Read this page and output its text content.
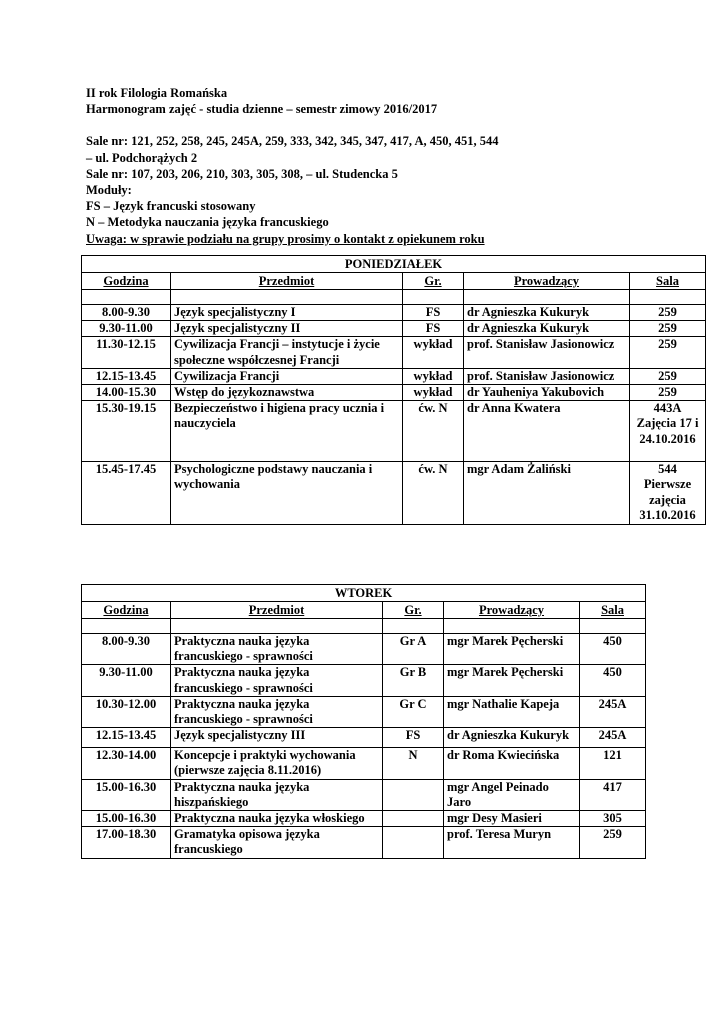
II rok Filologia Romańska
Harmonogram zajęć - studia dzienne – semestr zimowy 2016/2017
Sale nr: 121, 252, 258, 245, 245A, 259, 333, 342, 345, 347, 417, A, 450, 451, 544
– ul. Podchorążych 2
Sale nr: 107, 203, 206, 210, 303, 305, 308, – ul. Studencka 5
Moduły:
FS – Język francuski stosowany
N – Metodyka nauczania języka francuskiego
Uwaga: w sprawie podziału na grupy prosimy o kontakt z opiekunem roku
PONIEDZIAŁEK				
Godzina	Przedmiot	Gr.	Prowadzący	Sala

8.00-9.30	Język specjalistyczny I	FS	dr Agnieszka Kukuryk	259
9.30-11.00	Język specjalistyczny II	FS	dr Agnieszka Kukuryk	259
11.30-12.15	Cywilizacja Francji – instytucje i życie społeczne współczesnej Francji	wykład	prof. Stanisław Jasionowicz	259
12.15-13.45	Cywilizacja Francji	wykład	prof. Stanisław Jasionowicz	259
14.00-15.30	Wstęp do językoznawstwa	wykład	dr Yauheniya Yakubovich	259
15.30-19.15	Bezpieczeństwo i higiena pracy ucznia i nauczyciela	ćw. N	dr Anna Kwatera	443A Zajęcia 17 i 24.10.2016
15.45-17.45	Psychologiczne podstawy nauczania i wychowania	ćw. N	mgr Adam Żaliński	544 Pierwsze zajęcia 31.10.2016
WTOREK				
Godzina	Przedmiot	Gr.	Prowadzący	Sala

8.00-9.30	Praktyczna nauka języka francuskiego - sprawności	Gr A	mgr Marek Pęcherski	450
9.30-11.00	Praktyczna nauka języka francuskiego - sprawności	Gr B	mgr Marek Pęcherski	450
10.30-12.00	Praktyczna nauka języka francuskiego - sprawności	Gr C	mgr Nathalie Kapeja	245A
12.15-13.45	Język specjalistyczny III	FS	dr Agnieszka Kukuryk	245A
12.30-14.00	Koncepcje i praktyki wychowania (pierwsze zajęcia 8.11.2016)	N	dr Roma Kwiecińska	121
15.00-16.30	Praktyczna nauka języka hiszpańskiego		mgr Angel Peinado Jaro	417
15.00-16.30	Praktyczna nauka języka włoskiego		mgr Desy Masieri	305
17.00-18.30	Gramatyka opisowa języka francuskiego		prof. Teresa Muryn	259
